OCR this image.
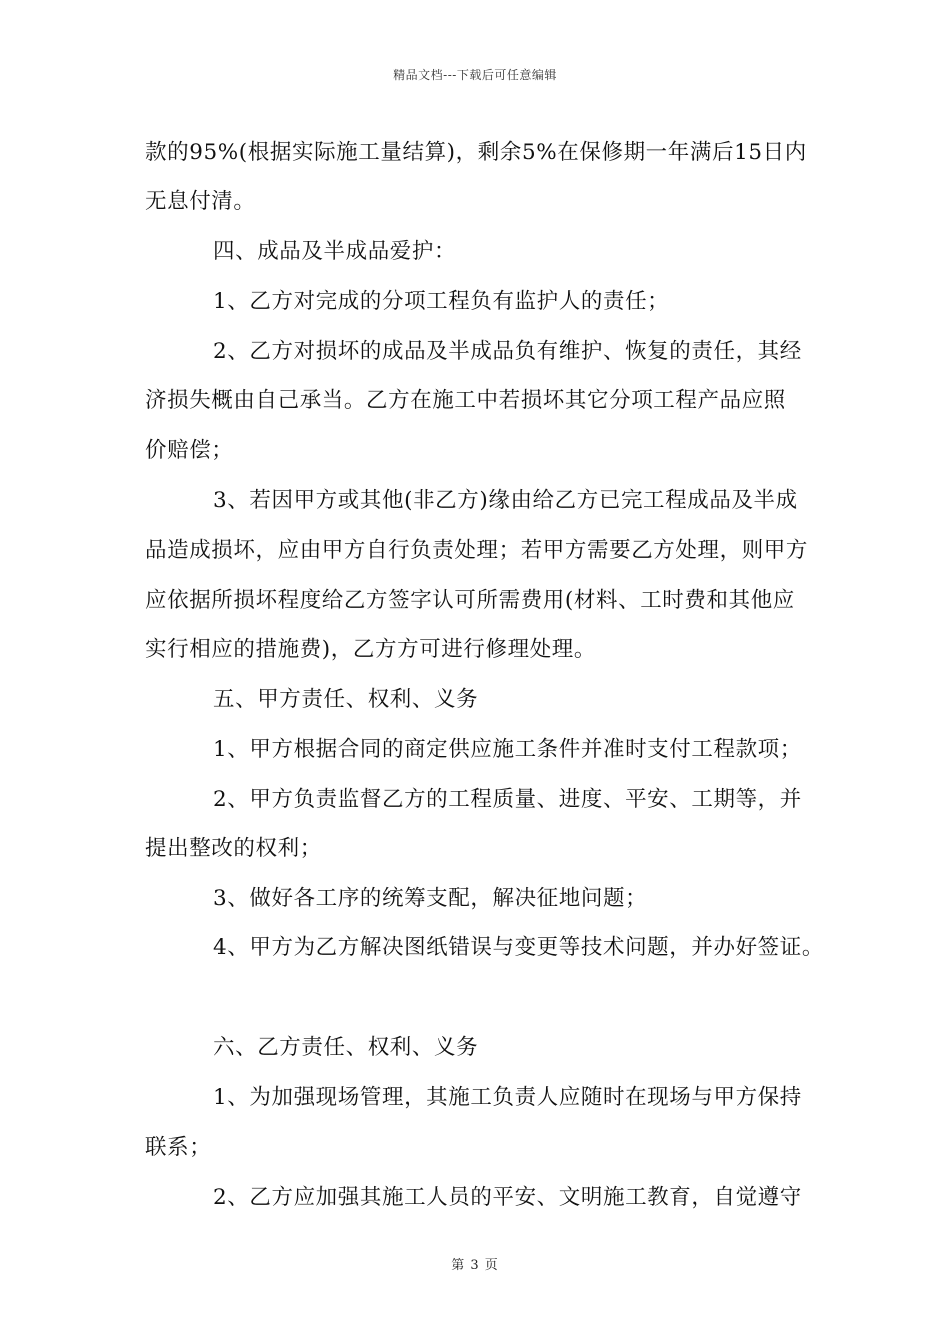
精品文档---下载后可任意编辑
款的95%(根据实际施工量结算)，剩余5%在保修期一年满后15日内
无息付清。
四、成品及半成品爱护：
1、乙方对完成的分项工程负有监护人的责任；
2、乙方对损坏的成品及半成品负有维护、恢复的责任，其经
济损失概由自己承当。乙方在施工中若损坏其它分项工程产品应照
价赔偿；
3、若因甲方或其他(非乙方)缘由给乙方已完工程成品及半成
品造成损坏，应由甲方自行负责处理；若甲方需要乙方处理，则甲方
应依据所损坏程度给乙方签字认可所需费用(材料、工时费和其他应
实行相应的措施费)，乙方方可进行修理处理。
五、甲方责任、权利、义务
1、甲方根据合同的商定供应施工条件并准时支付工程款项；
2、甲方负责监督乙方的工程质量、进度、平安、工期等，并
提出整改的权利；
3、做好各工序的统筹支配，解决征地问题；
4、甲方为乙方解决图纸错误与变更等技术问题，并办好签证。
六、乙方责任、权利、义务
1、为加强现场管理，其施工负责人应随时在现场与甲方保持
联系；
2、乙方应加强其施工人员的平安、文明施工教育，自觉遵守
第 3 页
